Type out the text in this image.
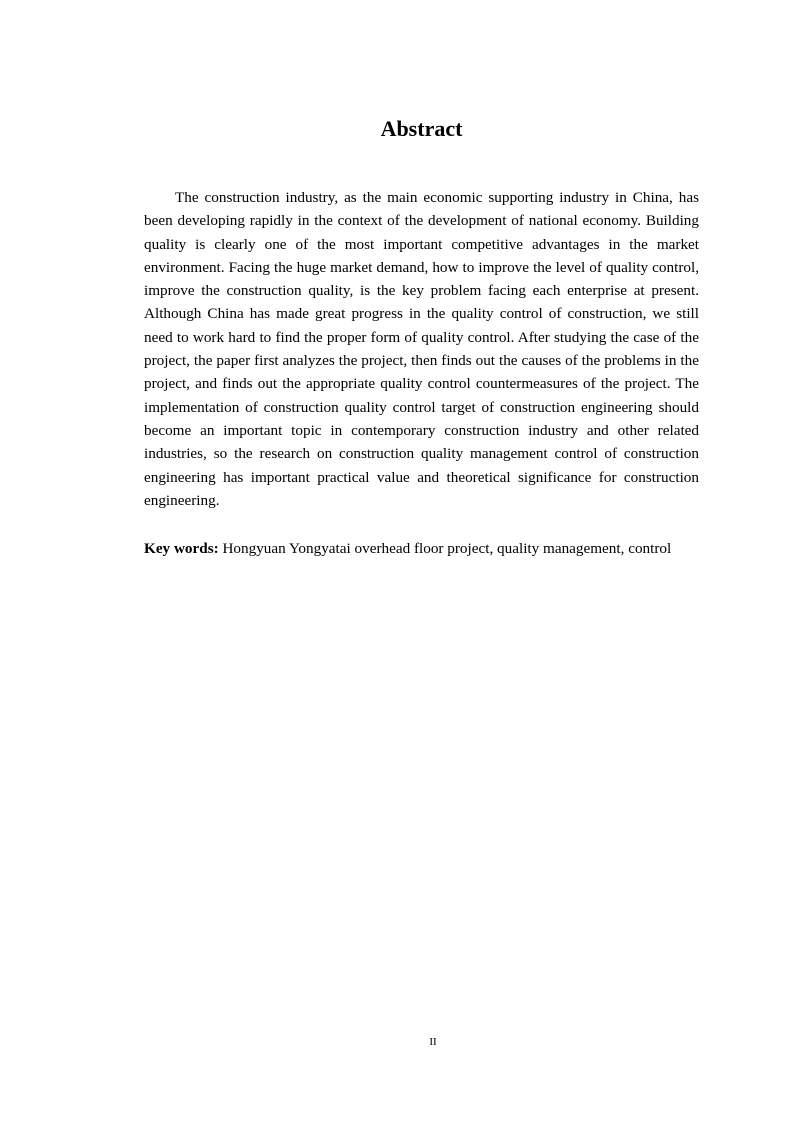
Abstract

The construction industry, as the main economic supporting industry in China, has been developing rapidly in the context of the development of national economy. Building quality is clearly one of the most important competitive advantages in the market environment. Facing the huge market demand, how to improve the level of quality control, improve the construction quality, is the key problem facing each enterprise at present. Although China has made great progress in the quality control of construction, we still need to work hard to find the proper form of quality control. After studying the case of the project, the paper first analyzes the project, then finds out the causes of the problems in the project, and finds out the appropriate quality control countermeasures of the project. The implementation of construction quality control target of construction engineering should become an important topic in contemporary construction industry and other related industries, so the research on construction quality management control of construction engineering has important practical value and theoretical significance for construction engineering.

Key words: Hongyuan Yongyatai overhead floor project, quality management, control

II
